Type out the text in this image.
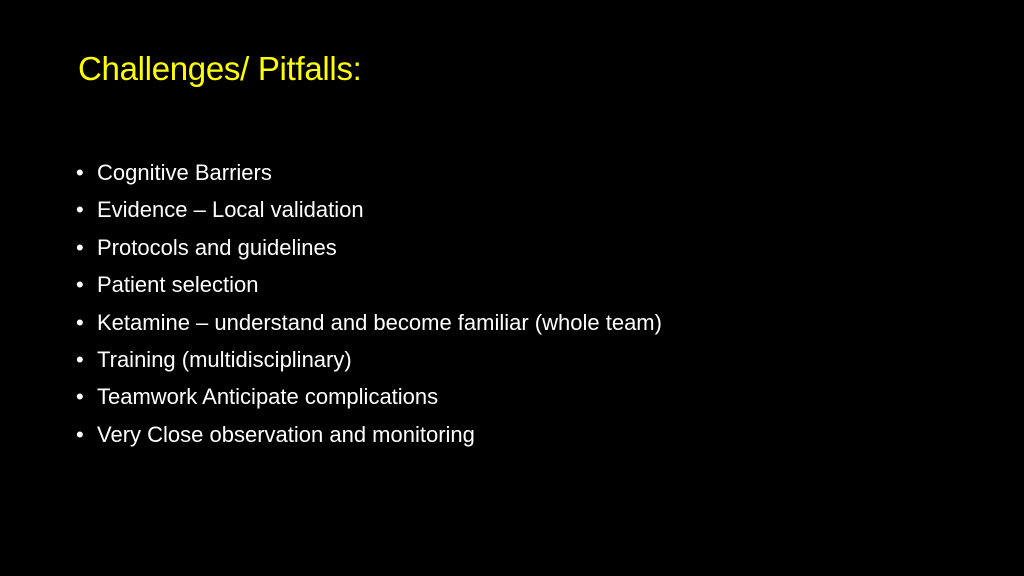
Challenges/ Pitfalls:
• Cognitive Barriers
• Evidence – Local validation
• Protocols and guidelines
• Patient selection
• Ketamine – understand and become familiar (whole team)
• Training (multidisciplinary)
• Teamwork Anticipate complications
• Very Close observation and monitoring
